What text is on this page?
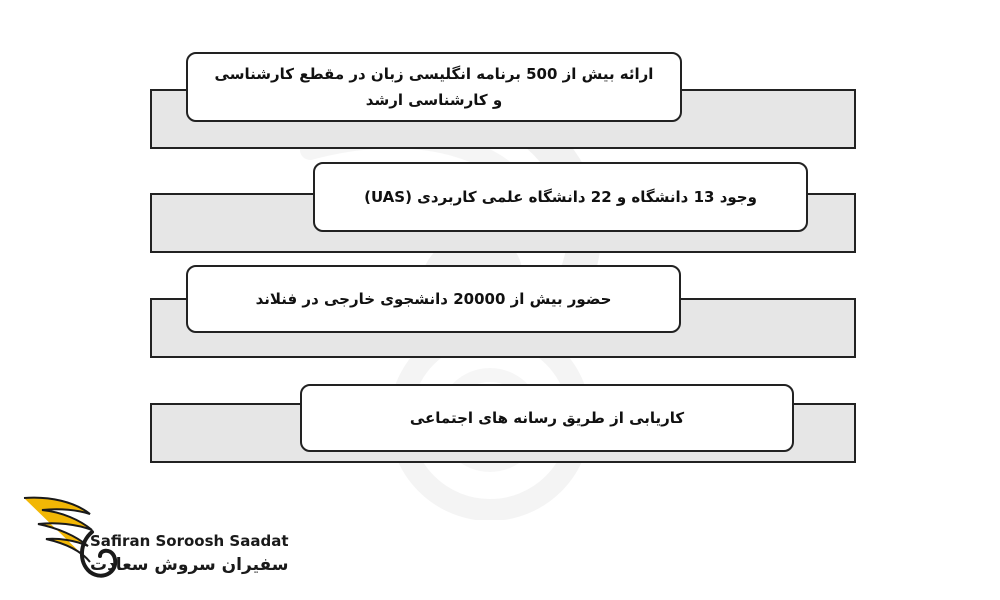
ارائه بیش از 500 برنامه انگلیسی زبان در مقطع کارشناسی و کارشناسی ارشد
وجود 13 دانشگاه و 22 دانشگاه علمی کاربردی (UAS)
حضور بیش از 20000 دانشجوی خارجی در فنلاند
کاریابی از طریق رسانه های اجتماعی
Safiran Soroosh Saadat
سفیران سروش سعادت
